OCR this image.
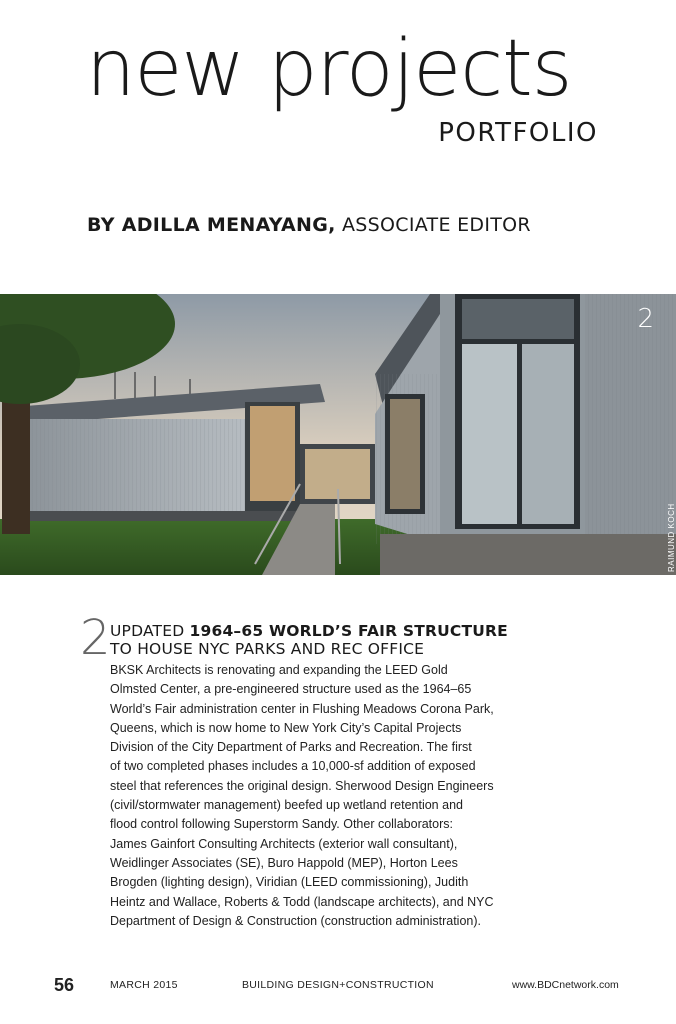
new projects
PORTFOLIO
BY ADILLA MENAYANG, ASSOCIATE EDITOR
2
RAIMUND KOCH
2 UPDATED 1964–65 WORLD’S FAIR STRUCTURE
TO HOUSE NYC PARKS AND REC OFFICE
BKSK Architects is renovating and expanding the LEED Gold
Olmsted Center, a pre-engineered structure used as the 1964–65
World’s Fair administration center in Flushing Meadows Corona Park,
Queens, which is now home to New York City’s Capital Projects
Division of the City Department of Parks and Recreation. The first
of two completed phases includes a 10,000-sf addition of exposed
steel that references the original design. Sherwood Design Engineers
(civil/stormwater management) beefed up wetland retention and
flood control following Superstorm Sandy. Other collaborators:
James Gainfort Consulting Architects (exterior wall consultant),
Weidlinger Associates (SE), Buro Happold (MEP), Horton Lees
Brogden (lighting design), Viridian (LEED commissioning), Judith
Heintz and Wallace, Roberts & Todd (landscape architects), and NYC
Department of Design & Construction (construction administration).
56	MARCH 2015	BUILDING DESIGN+CONSTRUCTION	www.BDCnetwork.com
